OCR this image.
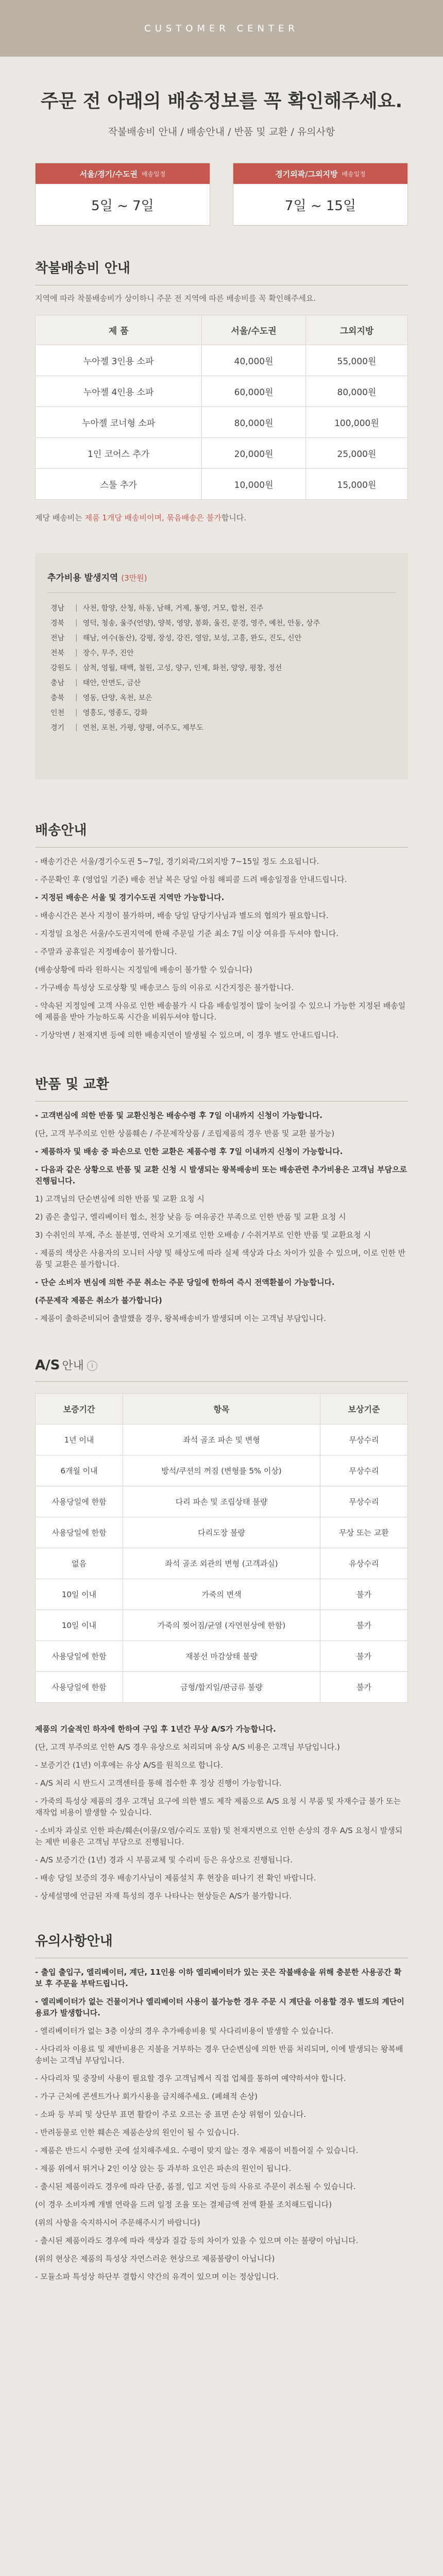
CUSTOMER CENTER
주문 전 아래의 배송정보를 꼭 확인해주세요.

작불배송비 안내 / 배송안내 / 반품 및 교환 / 유의사항

서울/경기/수도권 배송일정
5일 ~ 7일
경기외곽/그외지방 배송일정
7일 ~ 15일
착불배송비 안내
지역에 따라 착불배송비가 상이하니 주문 전 지역에 따른 배송비를 꼭 확인해주세요.
제 품	서울/수도권	그외지방
누아젤 3인용 소파	40,000원	55,000원
누아젤 4인용 소파	60,000원	80,000원
누아젤 코너형 소파	80,000원	100,000원
1인 코어스 추가	20,000원	25,000원
스툴 추가	10,000원	15,000원
제당 배송비는 제품 1개당 배송비이며, 묶음배송은 불가합니다.
추가비용 발생지역 (3만원)
경남	| 사천, 함양, 산청, 하동, 남해, 거제, 통영, 거모, 합천, 진주
경북	| 영덕, 청송, 울주(언양), 양북, 영양, 봉화, 울진, 문경, 영주, 예천, 안동, 상주
전남	| 해남, 여수(돌산), 강평, 장성, 강진, 영암, 보성, 고흥, 완도, 진도, 신안
전북	| 장수, 무주, 진안
강원도 | 삼척, 영월, 태백, 철원, 고성, 양구, 인제, 화천, 양양, 평창, 정선
충남	| 태안, 안면도, 금산
충북	| 영동, 단양, 옥천, 보은
인천	| 영흥도, 영종도, 강화
경기	| 연천, 포천, 가평, 양평, 여주도, 제부도
배송안내

- 배송기간은 서울/경기수도권 5~7일, 경기외곽/그외지방 7~15일 정도 소요됩니다.

- 주문확인 후 (영업일 기준) 배송 전날 복은 당일 아침 해피콜 드려 배송일정을 안내드립니다.

- 지정된 배송은 서울 및 경기수도권 지역만 가능합니다.

- 배송시간은 본사 지정이 불가하며, 배송 당일 담당기사님과 별도의 협의가 필요합니다.

- 지정일 요청은 서울/수도권지역에 한해 주문일 기준 최소 7일 이상 여유를 두셔야 합니다.

- 주말과 공휴일은 지정배송이 불가합니다.

(배송상황에 따라 원하시는 지정일에 배송이 불가할 수 있습니다)

- 가구배송 특성상 도로상황 및 배송코스 등의 이유로 시간지정은 불가합니다.

- 약속된 지정일에 고객 사유로 인한 배송불가 시 다음 배송일정이 많이 늦어질 수 있으니 가능한 지정된 배송일에 제품을 받아 가능하도록 시간을 비워두셔야 합니다.

- 기상악변 / 천재지변 등에 의한 배송지연이 발생될 수 있으며, 이 경우 별도 안내드립니다.

반품 및 교환

- 고객변심에 의한 반품 및 교환신청은 배송수령 후 7일 이내까지 신청이 가능합니다.

(단, 고객 부주의로 인한 상품훼손 / 주문제작상품 / 조립제품의 경우 반품 및 교환 불가능)

- 제품하자 및 배송 중 파손으로 인한 교환은 제품수령 후 7일 이내까지 신청이 가능합니다.

- 다음과 같은 상황으로 반품 및 교환 신청 시 발생되는 왕복배송비 또는 배송관련 추가비용은 고객님 부담으로 진행됩니다.

1) 고객님의 단순변심에 의한 반품 및 교환 요청 시

2) 좁은 출입구, 엘리베이터 협소, 천장 낮음 등 여유공간 부족으로 인한 반품 및 교환 요청 시

3) 수취인의 부재, 주소 불분명, 연락처 오기재로 인한 오배송 / 수취거부로 인한 반품 및 교환요청 시

- 제품의 색상은 사용자의 모니터 사양 및 해상도에 따라 실제 색상과 다소 차이가 있을 수 있으며, 이로 인한 반품 및 교환은 불가합니다.

- 단순 소비자 변심에 의한 주문 취소는 주문 당일에 한하여 즉시 전액환불이 가능합니다.

(주문제작 제품은 취소가 불가합니다)

- 제품이 출하준비되어 출발했을 경우, 왕복배송비가 발생되며 이는 고객님 부담입니다.

A/S 안내 i
보증기간	항목	보상기준
1년 이내	좌석 골조 파손 및 변형	무상수리
6개월 이내	방석/쿠션의 꺼짐 (변형률 5% 이상)	무상수리
사용당일에 한함	다리 파손 및 조립상태 불량	무상수리
사용당일에 한함	다리도장 불량	무상 또는 교환
없음	좌석 골조 외관의 변형 (고객과실)	유상수리
10일 이내	가죽의 변색	불가
10일 이내	가죽의 찢어짐/균열 (자연현상에 한함)	불가
사용당일에 한함	재봉선 마감상태 불량	불가
사용당일에 한함	금형/합지일/판금류 불량	불가

제품의 기술적인 하자에 한하여 구입 후 1년간 무상 A/S가 가능합니다.

(단, 고객 부주의로 인한 A/S 경우 유상으로 처리되며 유상 A/S 비용은 고객님 부담입니다.)

- 보증기간 (1년) 이후에는 유상 A/S를 원칙으로 합니다.

- A/S 처리 시 반드시 고객센터를 통해 접수한 후 정상 진행이 가능합니다.

- 가죽의 특성상 제품의 경우 고객님 요구에 의한 별도 제작 제품으로 A/S 요청 시 부품 및 자재수급 불가 또는 재작업 비용이 발생할 수 있습니다.

- 소비자 과실로 인한 파손/훼손(이물/오염/수리도 포함) 및 천재지변으로 인한 손상의 경우 A/S 요청시 발생되는 제반 비용은 고객님 부담으로 진행됩니다.

- A/S 보증기간 (1년) 경과 시 부품교체 및 수리비 등은 유상으로 진행됩니다.

- 배송 당일 보증의 경우 배송기사님이 제품설치 후 현장을 떠나기 전 확인 바랍니다.

- 상세설명에 언급된 자재 특성의 경우 나타나는 현상들은 A/S가 불가합니다.

유의사항안내

- 출입 출입구, 엘리베이터, 계단, 11인용 이하 엘리베이터가 있는 곳은 작불배송을 위해 충분한 사용공간 확보 후 주문을 부탁드립니다.

- 엘리베이터가 없는 건물이거나 엘리베이터 사용이 불가능한 경우 주문 시 계단을 이용할 경우 별도의 계단이용료가 발생합니다.

- 엘리베이터가 없는 3층 이상의 경우 추가배송비용 및 사다리비용이 발생할 수 있습니다.

- 사다리차 이용료 및 제반비용은 지불을 거부하는 경우 단순변심에 의한 반품 처리되며, 이에 발생되는 왕복배송비는 고객님 부담입니다.

- 사다리차 및 중장비 사용이 필요할 경우 고객님께서 직접 업체를 통하여 예약하셔야 합니다.

- 가구 근처에 콘센트가나 회가시용을 금지해주세요. (폐쇄적 손상)

- 소파 등 부피 및 상단부 표면 활칼이 주로 오르는 중 표면 손상 위험이 있습니다.

- 반려동물로 인한 훼손은 제품손상의 원인이 될 수 있습니다.

- 제품은 반드시 수평한 곳에 설치해주세요. 수평이 맞지 않는 경우 제품이 비틀어질 수 있습니다.

- 제품 위에서 뛰거나 2인 이상 앉는 등 과부하 요인은 파손의 원인이 됩니다.

- 출시된 제품이라도 경우에 따라 단종, 품절, 입고 지연 등의 사유로 주문이 취소될 수 있습니다.

(이 경우 소비자께 개별 연락을 드려 일정 조율 또는 결제금액 전액 환불 조치해드립니다)

(위의 사항을 숙지하시어 주문해주시기 바랍니다)

- 출시된 제품이라도 경우에 따라 색상과 질감 등의 차이가 있을 수 있으며 이는 불량이 아닙니다.

(위의 현상은 제품의 특성상 자연스러운 현상으로 제품불량이 아닙니다)

- 모듈소파 특성상 하단부 결합시 약간의 유격이 있으며 이는 정상입니다.
